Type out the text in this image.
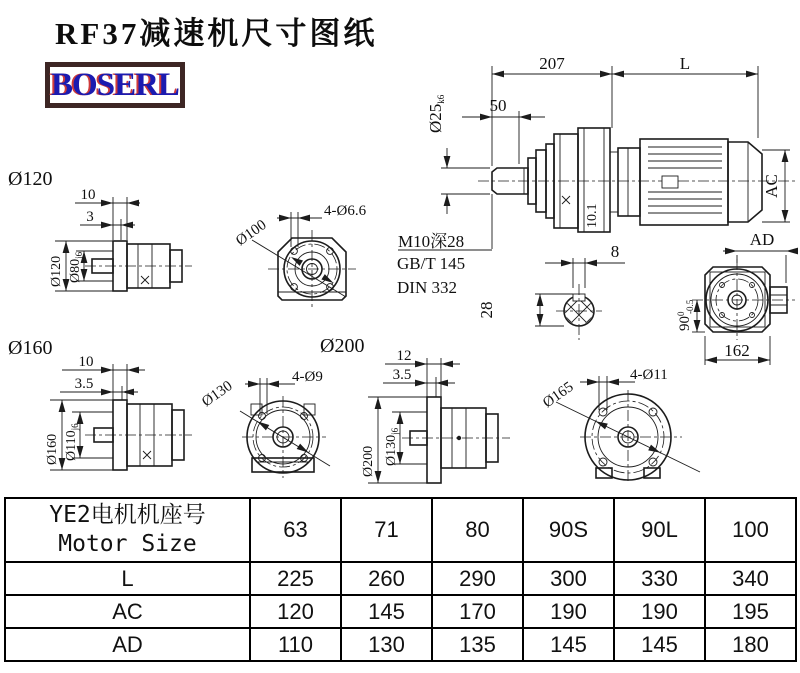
RF37减速机尺寸图纸
BOSERL
207	L
50
Ø25k6
10.1
AC
M10深28
GB/T 145
DIN 332
8
28
AD
$90^0-0.5$
162
Ø120
10
3
Ø120 $Ø80_{j6}$
4-Ø6.6
Ø100
Ø160
10
3.5
Ø160 $Ø110_{j6}$
4-Ø9
Ø130
Ø200 12
3.5
Ø200 $Ø130_{j6}$
4-Ø11
Ø165
YE2电机机座号
Motor Size	63	71	80	90S	90L	100
L	225	260	290	300	330	340
AC	120	145	170	190	190	195
AD	110	130	135	145	145	180
